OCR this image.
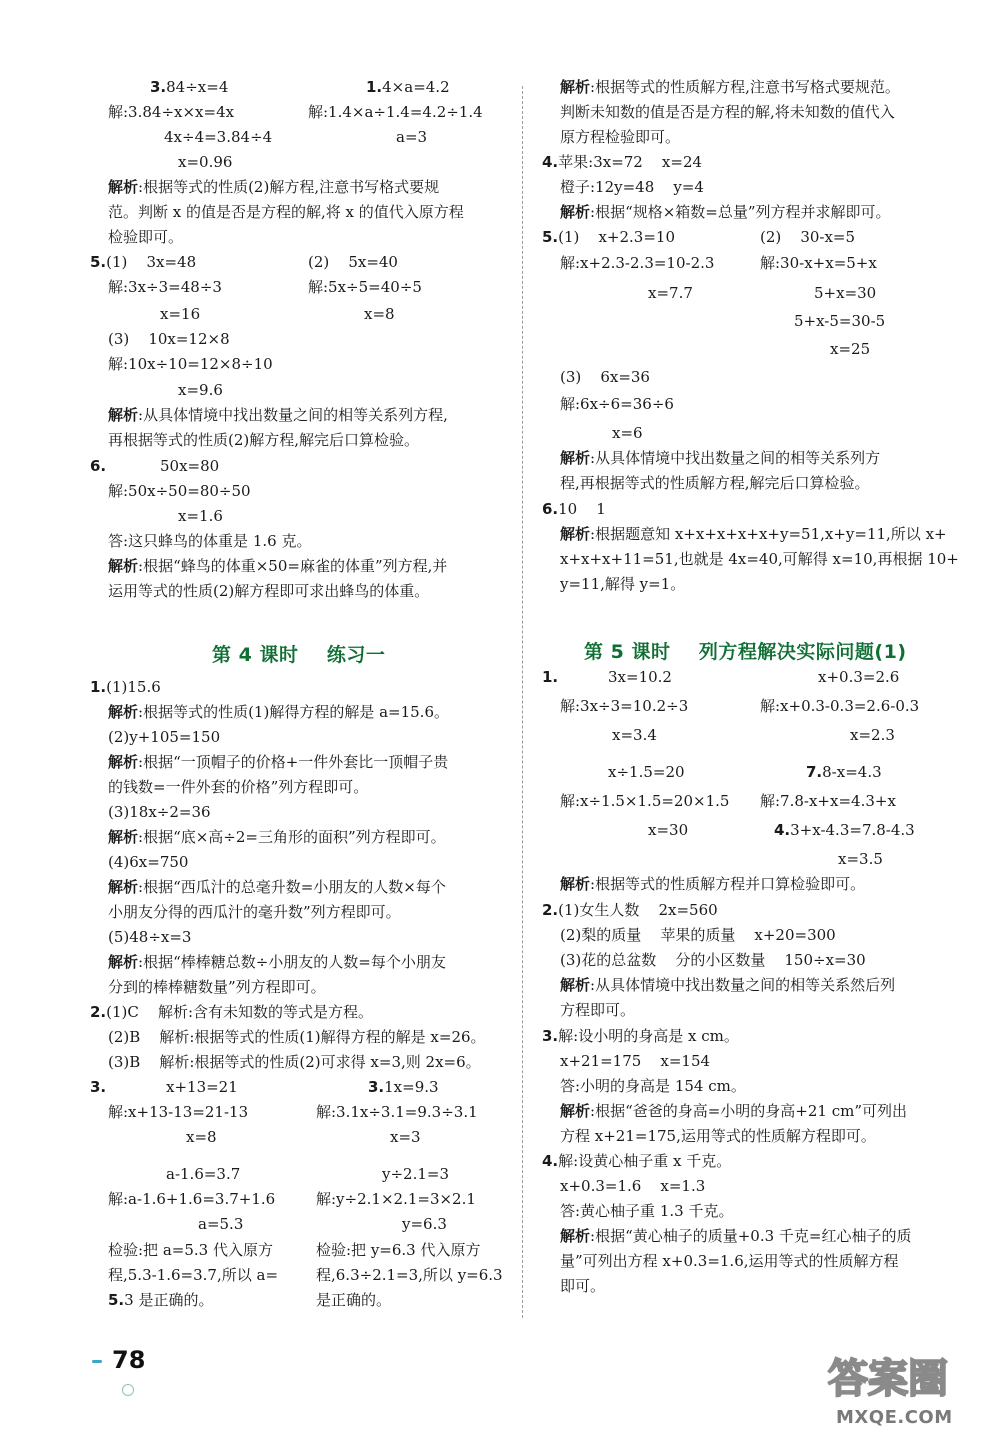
3.84÷x=4	1.4×a=4.2
解:3.84÷x×x=4x	解:1.4×a÷1.4=4.2÷1.4
4x÷4=3.84÷4	a=3
x=0.96
解析:根据等式的性质(2)解方程,注意书写格式要规
范。判断 x 的值是否是方程的解,将 x 的值代入原方程
检验即可。
5.(1)    3x=48	(2)    5x=40
解:3x÷3=48÷3	解:5x÷5=40÷5
x=16	x=8
(3)    10x=12×8
解:10x÷10=12×8÷10
x=9.6
解析:从具体情境中找出数量之间的相等关系列方程,
再根据等式的性质(2)解方程,解完后口算检验。
6.	50x=80
解:50x÷50=80÷50
x=1.6
答:这只蜂鸟的体重是 1.6 克。
解析:根据“蜂鸟的体重×50=麻雀的体重”列方程,并
运用等式的性质(2)解方程即可求出蜂鸟的体重。
1.(1)15.6
解析:根据等式的性质(1)解得方程的解是 a=15.6。
(2)y+105=150
解析:根据“一顶帽子的价格+一件外套比一顶帽子贵
的钱数=一件外套的价格”列方程即可。
(3)18x÷2=36
解析:根据“底×高÷2=三角形的面积”列方程即可。
(4)6x=750
解析:根据“西瓜汁的总毫升数=小朋友的人数×每个
小朋友分得的西瓜汁的毫升数”列方程即可。
(5)48÷x=3
解析:根据“棒棒糖总数÷小朋友的人数=每个小朋友
分到的棒棒糖数量”列方程即可。
2.(1)C    解析:含有未知数的等式是方程。
(2)B    解析:根据等式的性质(1)解得方程的解是 x=26。
(3)B    解析:根据等式的性质(2)可求得 x=3,则 2x=6。
3.	x+13=21	3.1x=9.3
解:x+13-13=21-13	解:3.1x÷3.1=9.3÷3.1
x=8	x=3
a-1.6=3.7	y÷2.1=3
解:a-1.6+1.6=3.7+1.6	解:y÷2.1×2.1=3×2.1
a=5.3	y=6.3
检验:把 a=5.3 代入原方	检验:把 y=6.3 代入原方
程,5.3-1.6=3.7,所以 a=	程,6.3÷2.1=3,所以 y=6.3
5.3 是正确的。	是正确的。
解析:根据等式的性质解方程,注意书写格式要规范。
判断未知数的值是否是方程的解,将未知数的值代入
原方程检验即可。
4.苹果:3x=72    x=24
橙子:12y=48    y=4
解析:根据“规格×箱数=总量”列方程并求解即可。
5.(1)    x+2.3=10	(2)    30-x=5
解:x+2.3-2.3=10-2.3	解:30-x+x=5+x
x=7.7	5+x=30
5+x-5=30-5
x=25
(3)    6x=36
解:6x÷6=36÷6
x=6
解析:从具体情境中找出数量之间的相等关系列方
程,再根据等式的性质解方程,解完后口算检验。
6.10    1
解析:根据题意知 x+x+x+x+x+y=51,x+y=11,所以 x+
x+x+x+11=51,也就是 4x=40,可解得 x=10,再根据 10+
y=11,解得 y=1。
1.	3x=10.2	x+0.3=2.6
解:3x÷3=10.2÷3	解:x+0.3-0.3=2.6-0.3
x=3.4	x=2.3
x÷1.5=20	7.8-x=4.3
解:x÷1.5×1.5=20×1.5 解:7.8-x+x=4.3+x
x=30	4.3+x-4.3=7.8-4.3
x=3.5
解析:根据等式的性质解方程并口算检验即可。
2.(1)女生人数    2x=560
(2)梨的质量    苹果的质量    x+20=300
(3)花的总盆数    分的小区数量    150÷x=30
解析:从具体情境中找出数量之间的相等关系然后列
方程即可。
3.解:设小明的身高是 x cm。
x+21=175    x=154
答:小明的身高是 154 cm。
解析:根据“爸爸的身高=小明的身高+21 cm”可列出
方程 x+21=175,运用等式的性质解方程即可。
4.解:设黄心柚子重 x 千克。
x+0.3=1.6    x=1.3
答:黄心柚子重 1.3 千克。
解析:根据“黄心柚子的质量+0.3 千克=红心柚子的质
量”可列出方程 x+0.3=1.6,运用等式的性质解方程
即可。
第 4 课时    练习一	第 5 课时    列方程解决实际问题(1)
78	答案圈
MXQE.COM
